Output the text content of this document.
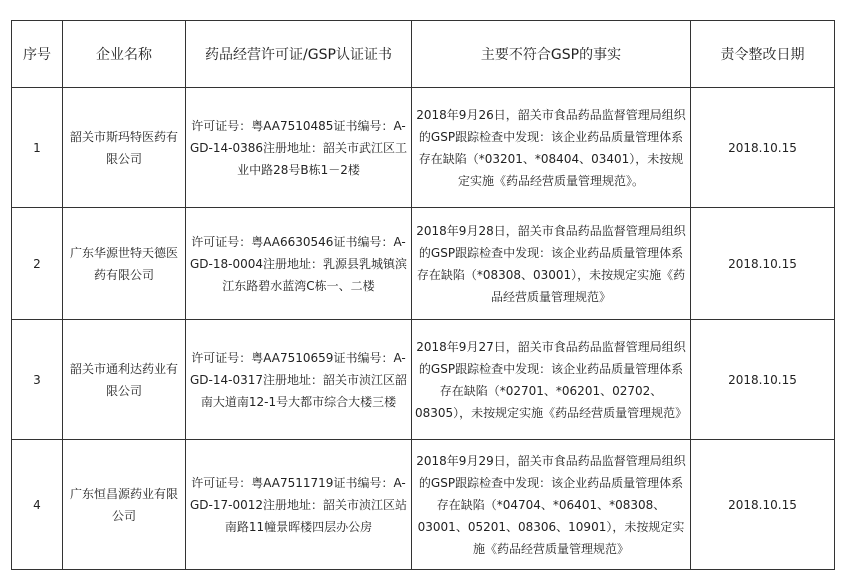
序号	企业名称	药品经营许可证/GSP认证证书	主要不符合GSP的事实	责令整改日期
1	韶关市斯玛特医药有限公司	许可证号：粤AA7510485证书编号：A-GD-14-0386注册地址：韶关市武江区工业中路28号B栋1－2楼	2018年9月26日，韶关市食品药品监督管理局组织的GSP跟踪检查中发现：该企业药品质量管理体系存在缺陷（*03201、*08404、03401），未按规定实施《药品经营质量管理规范》。	2018.10.15
2	广东华源世特天德医药有限公司	许可证号：粤AA6630546证书编号：A-GD-18-0004注册地址：乳源县乳城镇滨江东路碧水蓝湾C栋一、二楼	2018年9月28日，韶关市食品药品监督管理局组织的GSP跟踪检查中发现：该企业药品质量管理体系存在缺陷（*08308、03001），未按规定实施《药品经营质量管理规范》	2018.10.15
3	韶关市通利达药业有限公司	许可证号：粤AA7510659证书编号：A-GD-14-0317注册地址：韶关市浈江区韶南大道南12-1号大都市综合大楼三楼	2018年9月27日，韶关市食品药品监督管理局组织的GSP跟踪检查中发现：该企业药品质量管理体系存在缺陷（*02701、*06201、02702、08305），未按规定实施《药品经营质量管理规范》	2018.10.15
4	广东恒昌源药业有限公司	许可证号：粤AA7511719证书编号：A-GD-17-0012注册地址：韶关市浈江区站南路11幢景晖楼四层办公房	2018年9月29日，韶关市食品药品监督管理局组织的GSP跟踪检查中发现：该企业药品质量管理体系存在缺陷（*04704、*06401、*08308、03001、05201、08306、10901），未按规定实施《药品经营质量管理规范》	2018.10.15
